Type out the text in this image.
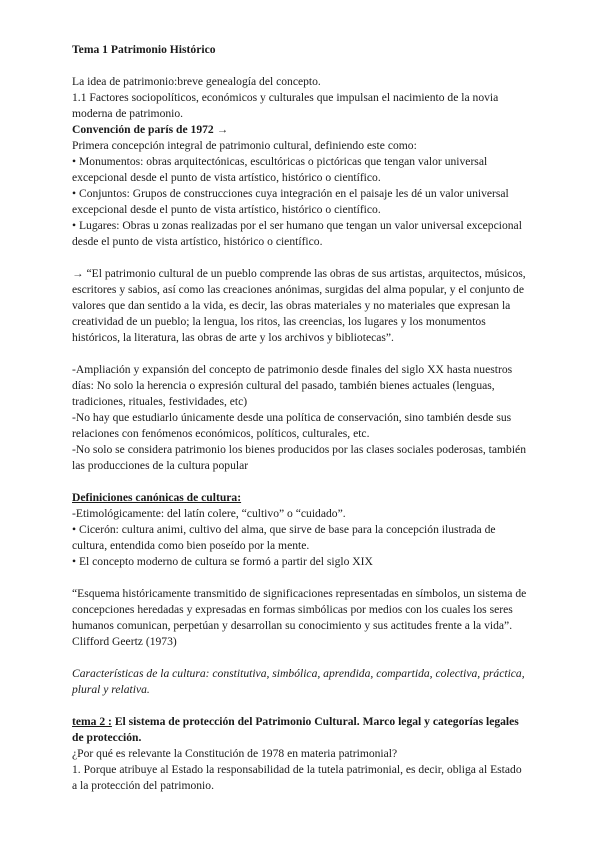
Tema 1 Patrimonio Histórico

La idea de patrimonio:breve genealogía del concepto.

1.1 Factores sociopolíticos, económicos y culturales que impulsan el nacimiento de la novia moderna de patrimonio.

Convención de parís de 1972 →

Primera concepción integral de patrimonio cultural, definiendo este como:

• Monumentos: obras arquitectónicas, escultóricas o pictóricas que tengan valor universal excepcional desde el punto de vista artístico, histórico o científico.

• Conjuntos: Grupos de construcciones cuya integración en el paisaje les dé un valor universal excepcional desde el punto de vista artístico, histórico o científico.

• Lugares: Obras u zonas realizadas por el ser humano que tengan un valor universal excepcional desde el punto de vista artístico, histórico o científico.

→ “El patrimonio cultural de un pueblo comprende las obras de sus artistas, arquitectos, músicos, escritores y sabios, así como las creaciones anónimas, surgidas del alma popular, y el conjunto de valores que dan sentido a la vida, es decir, las obras materiales y no materiales que expresan la creatividad de un pueblo; la lengua, los ritos, las creencias, los lugares y los monumentos históricos, la literatura, las obras de arte y los archivos y bibliotecas”.

-Ampliación y expansión del concepto de patrimonio desde finales del siglo XX hasta nuestros días: No solo la herencia o expresión cultural del pasado, también bienes actuales (lenguas, tradiciones, rituales, festividades, etc)

-No hay que estudiarlo únicamente desde una política de conservación, sino también desde sus relaciones con fenómenos económicos, políticos, culturales, etc.

-No solo se considera patrimonio los bienes producidos por las clases sociales poderosas, también las producciones de la cultura popular

Definiciones canónicas de cultura:

-Etimológicamente: del latín colere, “cultivo” o “cuidado”.

• Cicerón: cultura animi, cultivo del alma, que sirve de base para la concepción ilustrada de cultura, entendida como bien poseído por la mente.

• El concepto moderno de cultura se formó a partir del siglo XIX

“Esquema históricamente transmitido de significaciones representadas en símbolos, un sistema de concepciones heredadas y expresadas en formas simbólicas por medios con los cuales los seres humanos comunican, perpetúan y desarrollan su conocimiento y sus actitudes frente a la vida”. Clifford Geertz (1973)

Características de la cultura: constitutiva, simbólica, aprendida, compartida, colectiva, práctica, plural y relativa.

tema 2 : El sistema de protección del Patrimonio Cultural. Marco legal y categorías legales de protección.

¿Por qué es relevante la Constitución de 1978 en materia patrimonial?

1. Porque atribuye al Estado la responsabilidad de la tutela patrimonial, es decir, obliga al Estado a la protección del patrimonio.
